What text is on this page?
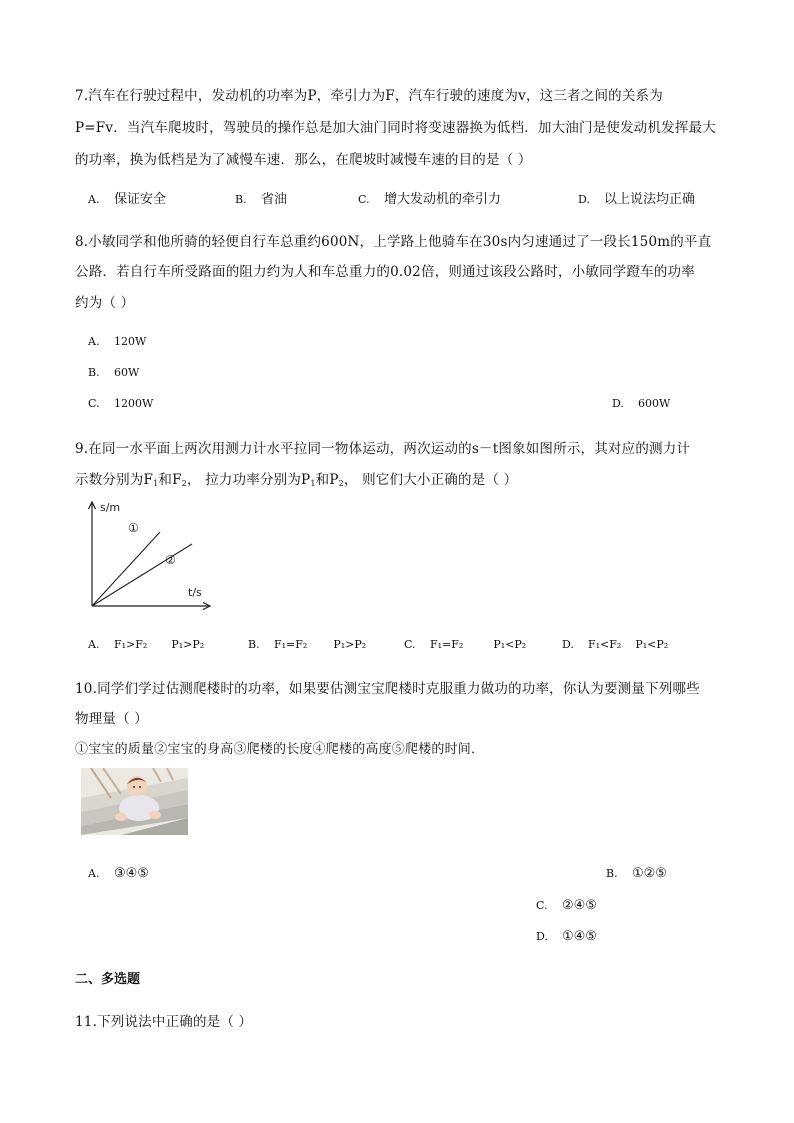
7.汽车在行驶过程中，发动机的功率为P，牵引力为F，汽车行驶的速度为v，这三者之间的关系为
P=Fv．当汽车爬坡时，驾驶员的操作总是加大油门同时将变速器换为低档．加大油门是使发动机发挥最大
的功率，换为低档是为了减慢车速．那么，在爬坡时减慢车速的目的是（ ）
A. 保证安全	B. 省油	C. 增大发动机的牵引力	D. 以上说法均正确
8.小敏同学和他所骑的轻便自行车总重约600N，上学路上他骑车在30s内匀速通过了一段长150m的平直
公路．若自行车所受路面的阻力约为人和车总重力的0.02倍，则通过该段公路时，小敏同学蹬车的功率
约为（ ）
A. 120W
B. 60W
C. 1200W	D. 600W
9.在同一水平面上两次用测力计水平拉同一物体运动，两次运动的s－t图象如图所示，其对应的测力计
示数分别为$F_1$和$F_2$， 拉力功率分别为$P_1$和$P_2$， 则它们大小正确的是（ ）
s/m
t/s
①
②
A. F₁>F₂ P₁>P₂	B. F₁=F₂ P₁>P₂	C. F₁=F₂	P₁<P₂	D. F₁<F₂ P₁<P₂
10.同学们学过估测爬楼时的功率，如果要估测宝宝爬楼时克服重力做功的功率，你认为要测量下列哪些
物理量（ ）
①宝宝的质量②宝宝的身高③爬楼的长度④爬楼的高度⑤爬楼的时间．
A. ③④⑤	B. ①②⑤
C. ②④⑤
D. ①④⑤
二、多选题
11.下列说法中正确的是（ ）
